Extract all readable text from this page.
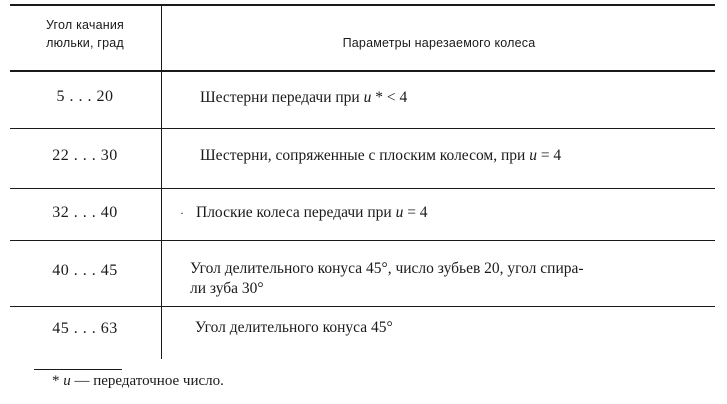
Угол качания
люльки, град	Параметры нарезаемого колеса
5 . . . 20	Шестерни передачи при u * < 4
22 . . . 30	Шестерни, сопряженные с плоским колесом, при u = 4
32 . . . 40	· Плоские колеса передачи при u = 4
40 . . . 45	Угол делительного конуса 45°, число зубьев 20, угол спира-
ли зуба 30°
45 . . . 63	Угол делительного конуса 45°
* u — передаточное число.
